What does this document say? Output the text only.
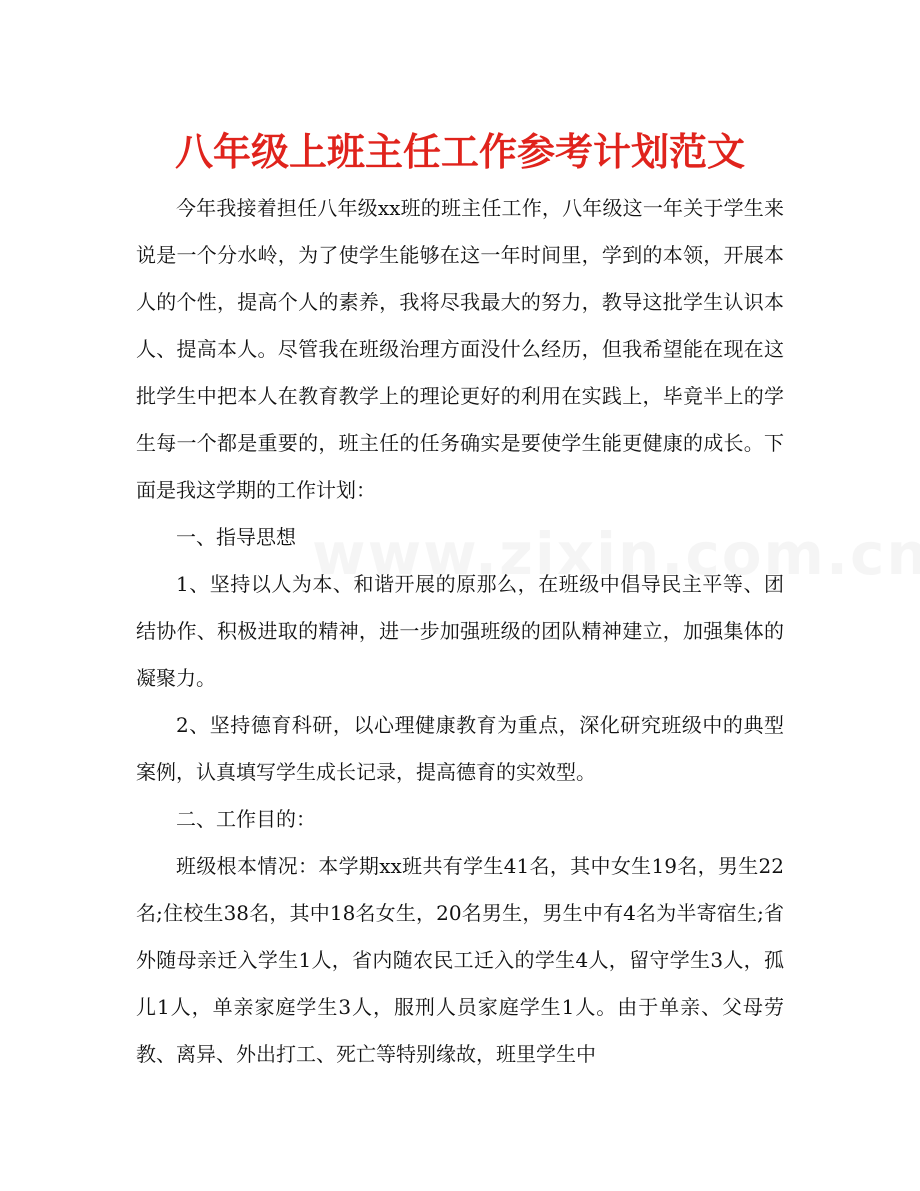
八年级上班主任工作参考计划范文

今年我接着担任八年级xx班的班主任工作，八年级这一年关于学生来说是一个分水岭，为了使学生能够在这一年时间里，学到的本领，开展本人的个性，提高个人的素养，我将尽我最大的努力，教导这批学生认识本人、提高本人。尽管我在班级治理方面没什么经历，但我希望能在现在这批学生中把本人在教育教学上的理论更好的利用在实践上，毕竟半上的学生每一个都是重要的，班主任的任务确实是要使学生能更健康的成长。下面是我这学期的工作计划：

一、指导思想

1、坚持以人为本、和谐开展的原那么，在班级中倡导民主平等、团结协作、积极进取的精神，进一步加强班级的团队精神建立，加强集体的凝聚力。

2、坚持德育科研，以心理健康教育为重点，深化研究班级中的典型案例，认真填写学生成长记录，提高德育的实效型。

二、工作目的：

班级根本情况：本学期xx班共有学生41名，其中女生19名，男生22名;住校生38名，其中18名女生，20名男生，男生中有4名为半寄宿生;省外随母亲迁入学生1人，省内随农民工迁入的学生4人，留守学生3人，孤儿1人，单亲家庭学生3人，服刑人员家庭学生1人。由于单亲、父母劳教、离异、外出打工、死亡等特别缘故，班里学生中
